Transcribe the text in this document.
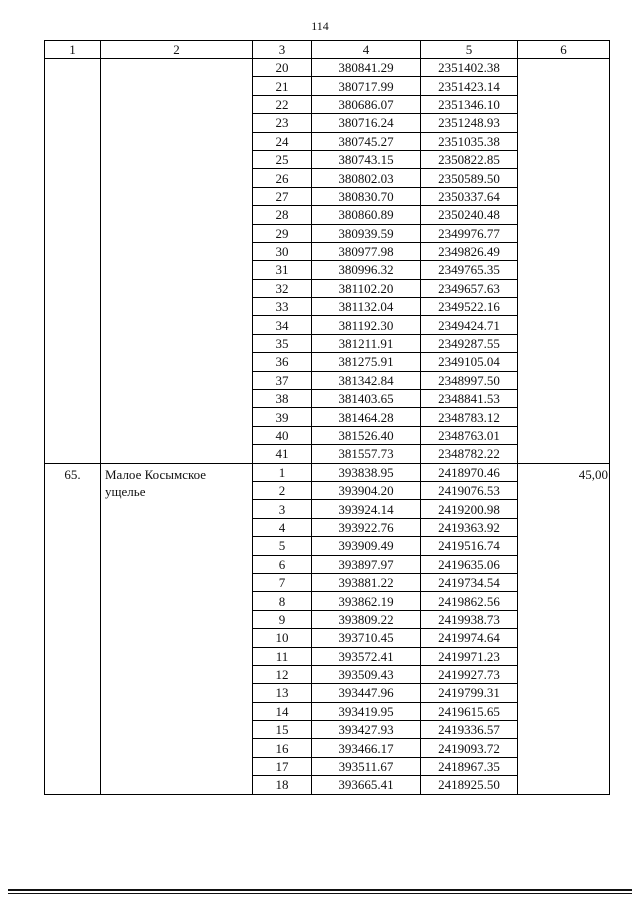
114
1	2	3	4	5	6
		20	380841.29	2351402.38	
		21	380717.99	2351423.14	
		22	380686.07	2351346.10	
		23	380716.24	2351248.93	
		24	380745.27	2351035.38	
		25	380743.15	2350822.85	
		26	380802.03	2350589.50	
		27	380830.70	2350337.64	
		28	380860.89	2350240.48	
		29	380939.59	2349976.77	
		30	380977.98	2349826.49	
		31	380996.32	2349765.35	
		32	381102.20	2349657.63	
		33	381132.04	2349522.16	
		34	381192.30	2349424.71	
		35	381211.91	2349287.55	
		36	381275.91	2349105.04	
		37	381342.84	2348997.50	
		38	381403.65	2348841.53	
		39	381464.28	2348783.12	
		40	381526.40	2348763.01	
		41	381557.73	2348782.22	
65.	Малое Косымское ущелье	1	393838.95	2418970.46	45,00
		2	393904.20	2419076.53	
		3	393924.14	2419200.98	
		4	393922.76	2419363.92	
		5	393909.49	2419516.74	
		6	393897.97	2419635.06	
		7	393881.22	2419734.54	
		8	393862.19	2419862.56	
		9	393809.22	2419938.73	
		10	393710.45	2419974.64	
		11	393572.41	2419971.23	
		12	393509.43	2419927.73	
		13	393447.96	2419799.31	
		14	393419.95	2419615.65	
		15	393427.93	2419336.57	
		16	393466.17	2419093.72	
		17	393511.67	2418967.35	
		18	393665.41	2418925.50	
